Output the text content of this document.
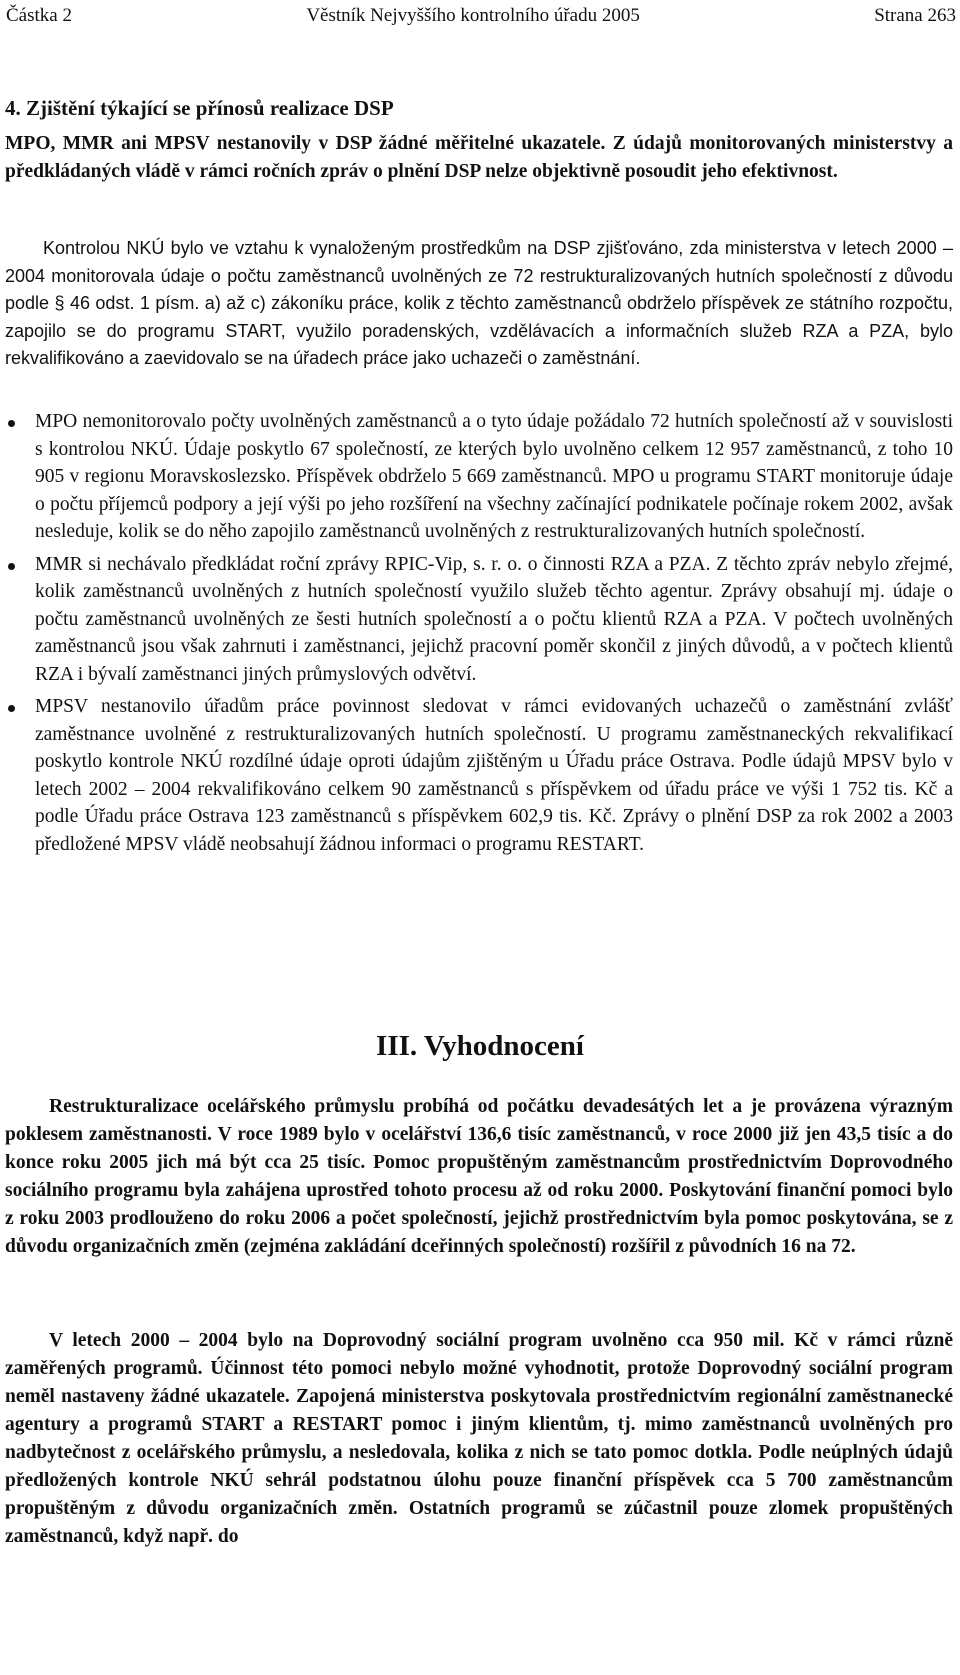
Částka 2	Věstník Nejvyššího kontrolního úřadu 2005	Strana 263
4. Zjištění týkající se přínosů realizace DSP

MPO, MMR ani MPSV nestanovily v DSP žádné měřitelné ukazatele. Z údajů monitorovaných ministerstvy a předkládaných vládě v rámci ročních zpráv o plnění DSP nelze objektivně posoudit jeho efektivnost.

Kontrolou NKÚ bylo ve vztahu k vynaloženým prostředkům na DSP zjišťováno, zda ministerstva v letech 2000 – 2004 monitorovala údaje o počtu zaměstnanců uvolněných ze 72 restrukturalizovaných hutních společností z důvodu podle § 46 odst. 1 písm. a) až c) zákoníku práce, kolik z těchto zaměstnanců obdrželo příspěvek ze státního rozpočtu, zapojilo se do programu START, využilo poradenských, vzdělávacích a informačních služeb RZA a PZA, bylo rekvalifikováno a zaevidovalo se na úřadech práce jako uchazeči o zaměstnání.

MPO nemonitorovalo počty uvolněných zaměstnanců a o tyto údaje požádalo 72 hutních společností až v souvislosti s kontrolou NKÚ. Údaje poskytlo 67 společností, ze kterých bylo uvolněno celkem 12 957 zaměstnanců, z toho 10 905 v regionu Moravskoslezsko. Příspěvek obdrželo 5 669 zaměstnanců. MPO u programu START monitoruje údaje o počtu příjemců podpory a její výši po jeho rozšíření na všechny začínající podnikatele počínaje rokem 2002, avšak nesleduje, kolik se do něho zapojilo zaměstnanců uvolněných z restrukturalizovaných hutních společností.

MMR si nechávalo předkládat roční zprávy RPIC-Vip, s. r. o. o činnosti RZA a PZA. Z těchto zpráv nebylo zřejmé, kolik zaměstnanců uvolněných z hutních společností využilo služeb těchto agentur. Zprávy obsahují mj. údaje o počtu zaměstnanců uvolněných ze šesti hutních společností a o počtu klientů RZA a PZA. V počtech uvolněných zaměstnanců jsou však zahrnuti i zaměstnanci, jejichž pracovní poměr skončil z jiných důvodů, a v počtech klientů RZA i bývalí zaměstnanci jiných průmyslových odvětví.

MPSV nestanovilo úřadům práce povinnost sledovat v rámci evidovaných uchazečů o zaměstnání zvlášť zaměstnance uvolněné z restrukturalizovaných hutních společností. U programu zaměstnaneckých rekvalifikací poskytlo kontrole NKÚ rozdílné údaje oproti údajům zjištěným u Úřadu práce Ostrava. Podle údajů MPSV bylo v letech 2002 – 2004 rekvalifikováno celkem 90 zaměstnanců s příspěvkem od úřadu práce ve výši 1 752 tis. Kč a podle Úřadu práce Ostrava 123 zaměstnanců s příspěvkem 602,9 tis. Kč. Zprávy o plnění DSP za rok 2002 a 2003 předložené MPSV vládě neobsahují žádnou informaci o programu RESTART.

III. Vyhodnocení

Restrukturalizace ocelářského průmyslu probíhá od počátku devadesátých let a je provázena výrazným poklesem zaměstnanosti. V roce 1989 bylo v ocelářství 136,6 tisíc zaměstnanců, v roce 2000 již jen 43,5 tisíc a do konce roku 2005 jich má být cca 25 tisíc. Pomoc propuštěným zaměstnancům prostřednictvím Doprovodného sociálního programu byla zahájena uprostřed tohoto procesu až od roku 2000. Poskytování finanční pomoci bylo z roku 2003 prodlouženo do roku 2006 a počet společností, jejichž prostřednictvím byla pomoc poskytována, se z důvodu organizačních změn (zejména zakládání dceřinných společností) rozšířil z původních 16 na 72.

V letech 2000 – 2004 bylo na Doprovodný sociální program uvolněno cca 950 mil. Kč v rámci různě zaměřených programů. Účinnost této pomoci nebylo možné vyhodnotit, protože Doprovodný sociální program neměl nastaveny žádné ukazatele. Zapojená ministerstva poskytovala prostřednictvím regionální zaměstnanecké agentury a programů START a RESTART pomoc i jiným klientům, tj. mimo zaměstnanců uvolněných pro nadbytečnost z ocelářského průmyslu, a nesledovala, kolika z nich se tato pomoc dotkla. Podle neúplných údajů předložených kontrole NKÚ sehrál podstatnou úlohu pouze finanční příspěvek cca 5 700 zaměstnancům propuštěným z důvodu organizačních změn. Ostatních programů se zúčastnil pouze zlomek propuštěných zaměstnanců, když např. do
